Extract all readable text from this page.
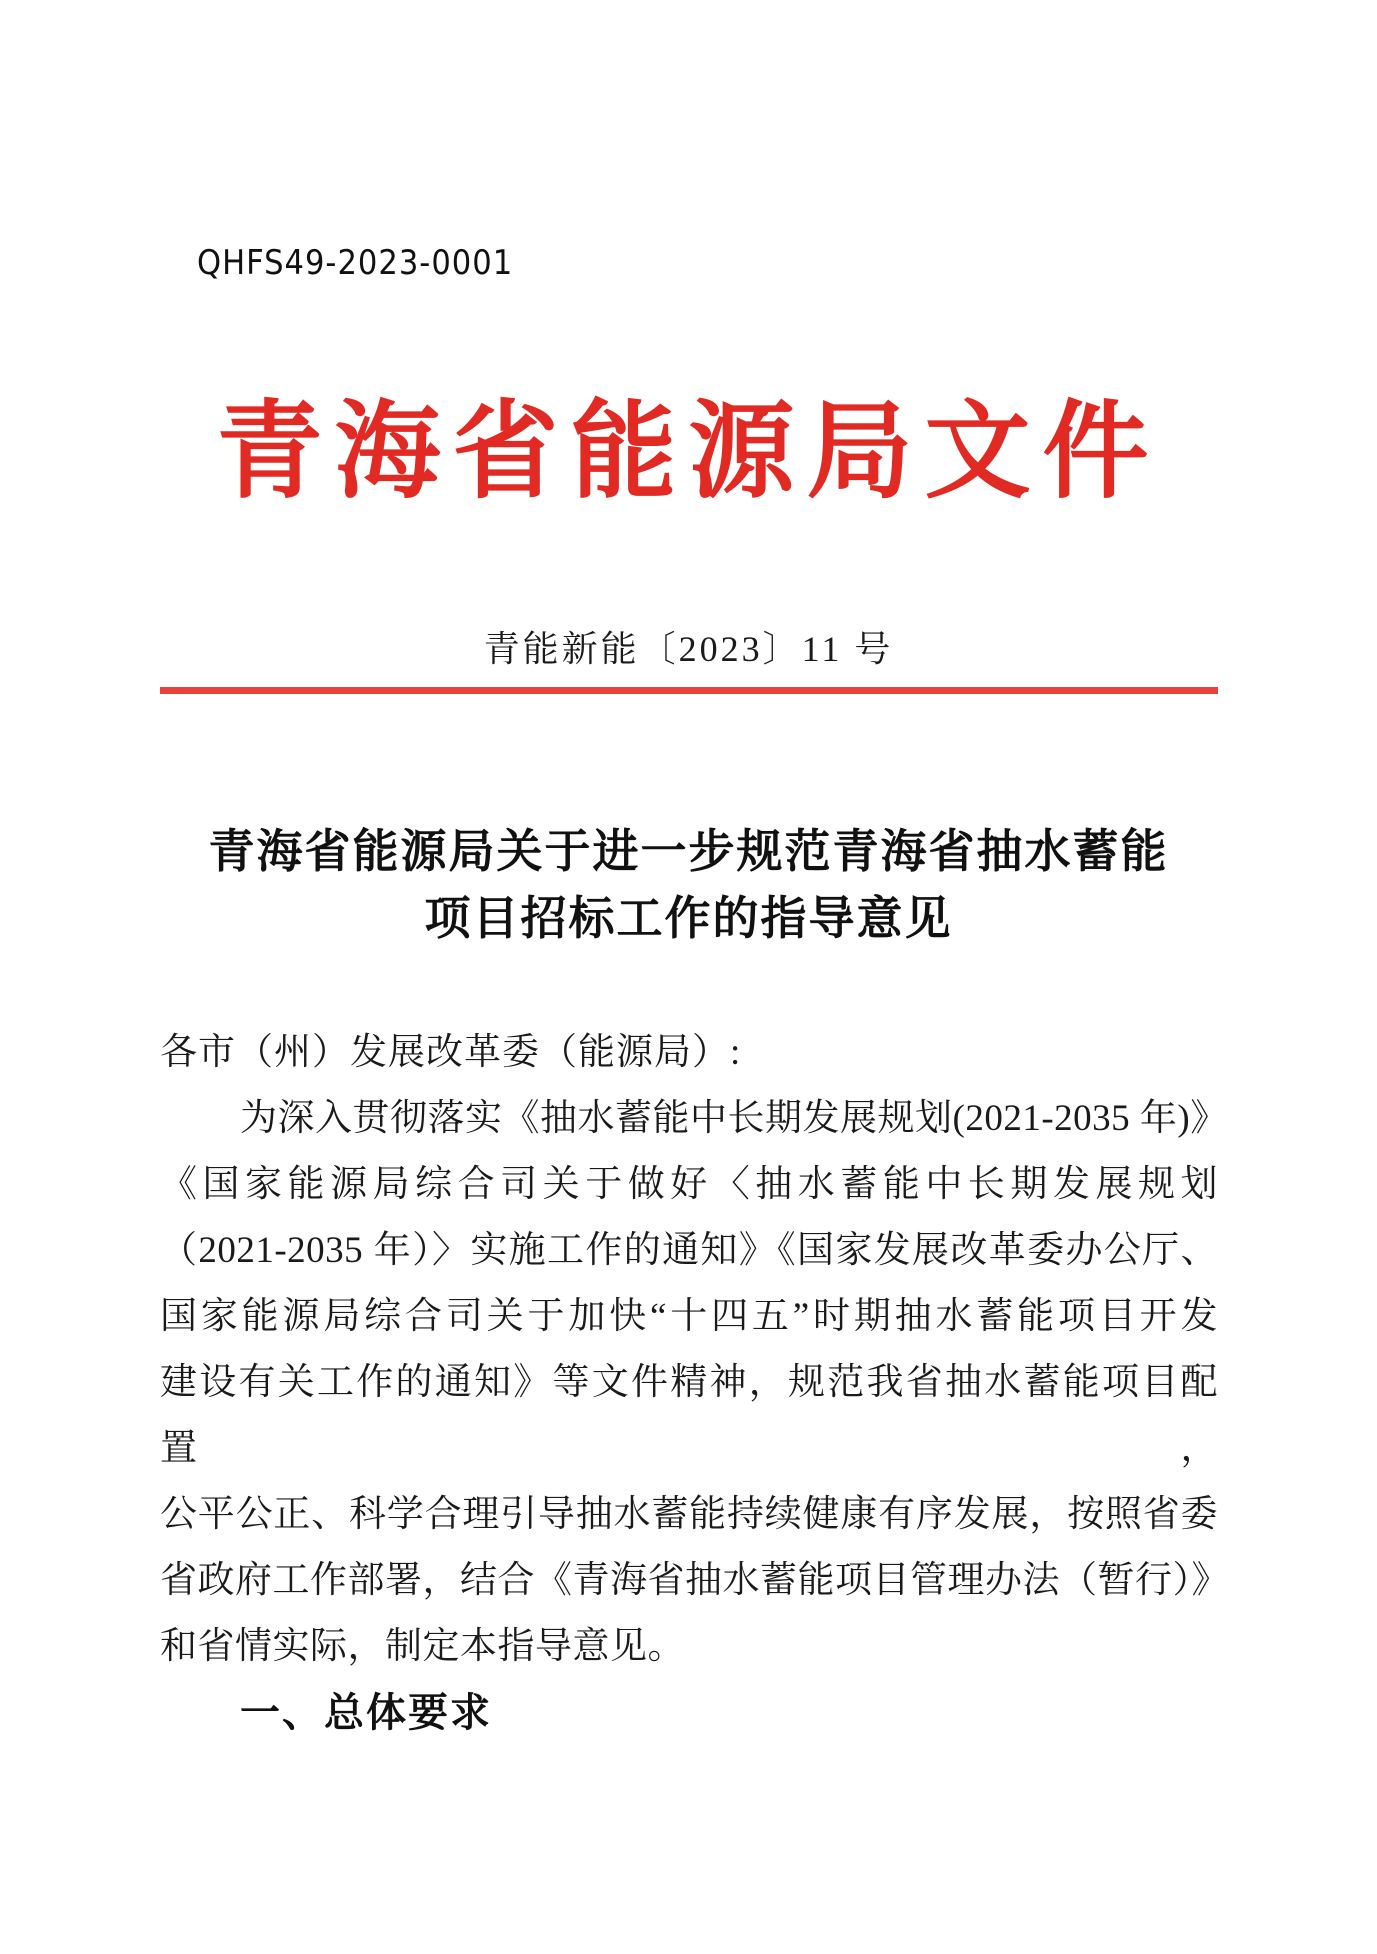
QHFS49-2023-0001
青海省能源局文件
青能新能〔2023〕11 号
青海省能源局关于进一步规范青海省抽水蓄能
项目招标工作的指导意见
各市（州）发展改革委（能源局）:
为深入贯彻落实《抽水蓄能中长期发展规划(2021-2035 年)》
《国家能源局综合司关于做好〈抽水蓄能中长期发展规划
（2021-2035 年）〉实施工作的通知》《国家发展改革委办公厅、
国家能源局综合司关于加快“十四五”时期抽水蓄能项目开发
建设有关工作的通知》等文件精神，规范我省抽水蓄能项目配置，
公平公正、科学合理引导抽水蓄能持续健康有序发展，按照省委
省政府工作部署，结合《青海省抽水蓄能项目管理办法（暂行）》
和省情实际，制定本指导意见。
一、总体要求
